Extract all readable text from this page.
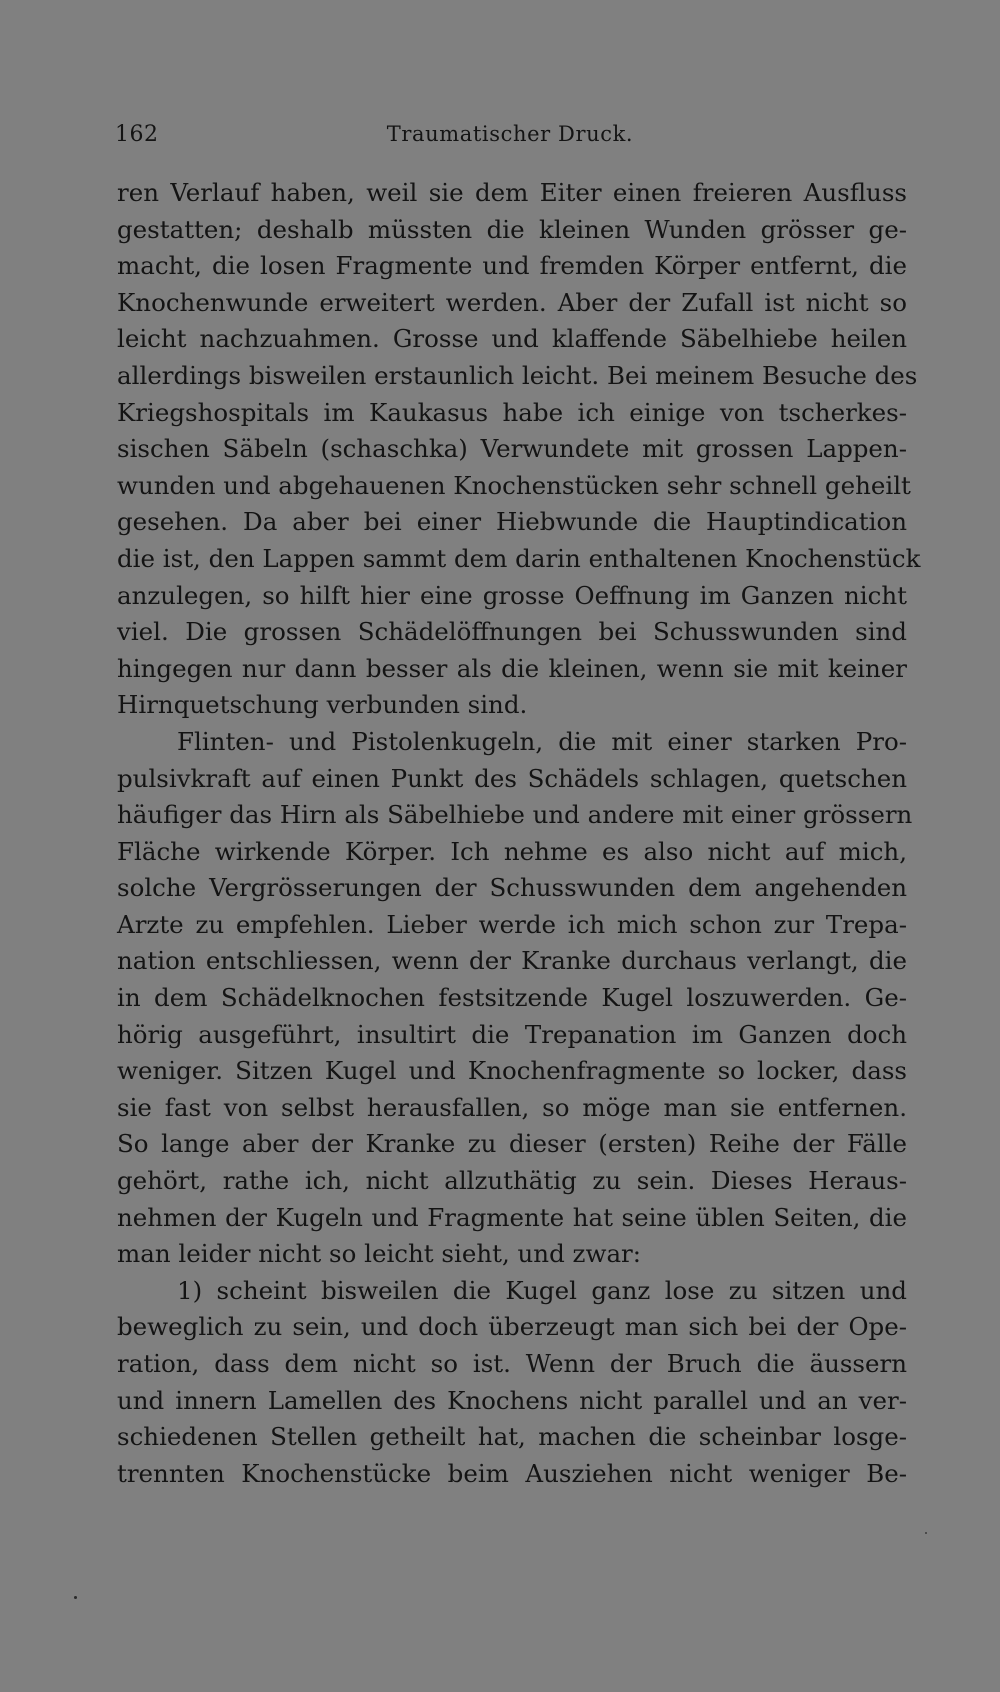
162	Traumatischer Druck.
ren Verlauf haben, weil sie dem Eiter einen freieren Ausfluss
gestatten; deshalb müssten die kleinen Wunden grösser ge-
macht, die losen Fragmente und fremden Körper entfernt, die
Knochenwunde erweitert werden. Aber der Zufall ist nicht so
leicht nachzuahmen. Grosse und klaffende Säbelhiebe heilen
allerdings bisweilen erstaunlich leicht. Bei meinem Besuche des
Kriegshospitals im Kaukasus habe ich einige von tscherkes-
sischen Säbeln (schaschka) Verwundete mit grossen Lappen-
wunden und abgehauenen Knochenstücken sehr schnell geheilt
gesehen. Da aber bei einer Hiebwunde die Hauptindication
die ist, den Lappen sammt dem darin enthaltenen Knochenstück
anzulegen, so hilft hier eine grosse Oeffnung im Ganzen nicht
viel. Die grossen Schädelöffnungen bei Schusswunden sind
hingegen nur dann besser als die kleinen, wenn sie mit keiner
Hirnquetschung verbunden sind.
Flinten- und Pistolenkugeln, die mit einer starken Pro-
pulsivkraft auf einen Punkt des Schädels schlagen, quetschen
häufiger das Hirn als Säbelhiebe und andere mit einer grössern
Fläche wirkende Körper. Ich nehme es also nicht auf mich,
solche Vergrösserungen der Schusswunden dem angehenden
Arzte zu empfehlen. Lieber werde ich mich schon zur Trepa-
nation entschliessen, wenn der Kranke durchaus verlangt, die
in dem Schädelknochen festsitzende Kugel loszuwerden. Ge-
hörig ausgeführt, insultirt die Trepanation im Ganzen doch
weniger. Sitzen Kugel und Knochenfragmente so locker, dass
sie fast von selbst herausfallen, so möge man sie entfernen.
So lange aber der Kranke zu dieser (ersten) Reihe der Fälle
gehört, rathe ich, nicht allzuthätig zu sein. Dieses Heraus-
nehmen der Kugeln und Fragmente hat seine üblen Seiten, die
man leider nicht so leicht sieht, und zwar:
1) scheint bisweilen die Kugel ganz lose zu sitzen und
beweglich zu sein, und doch überzeugt man sich bei der Ope-
ration, dass dem nicht so ist. Wenn der Bruch die äussern
und innern Lamellen des Knochens nicht parallel und an ver-
schiedenen Stellen getheilt hat, machen die scheinbar losge-
trennten Knochenstücke beim Ausziehen nicht weniger Be-
